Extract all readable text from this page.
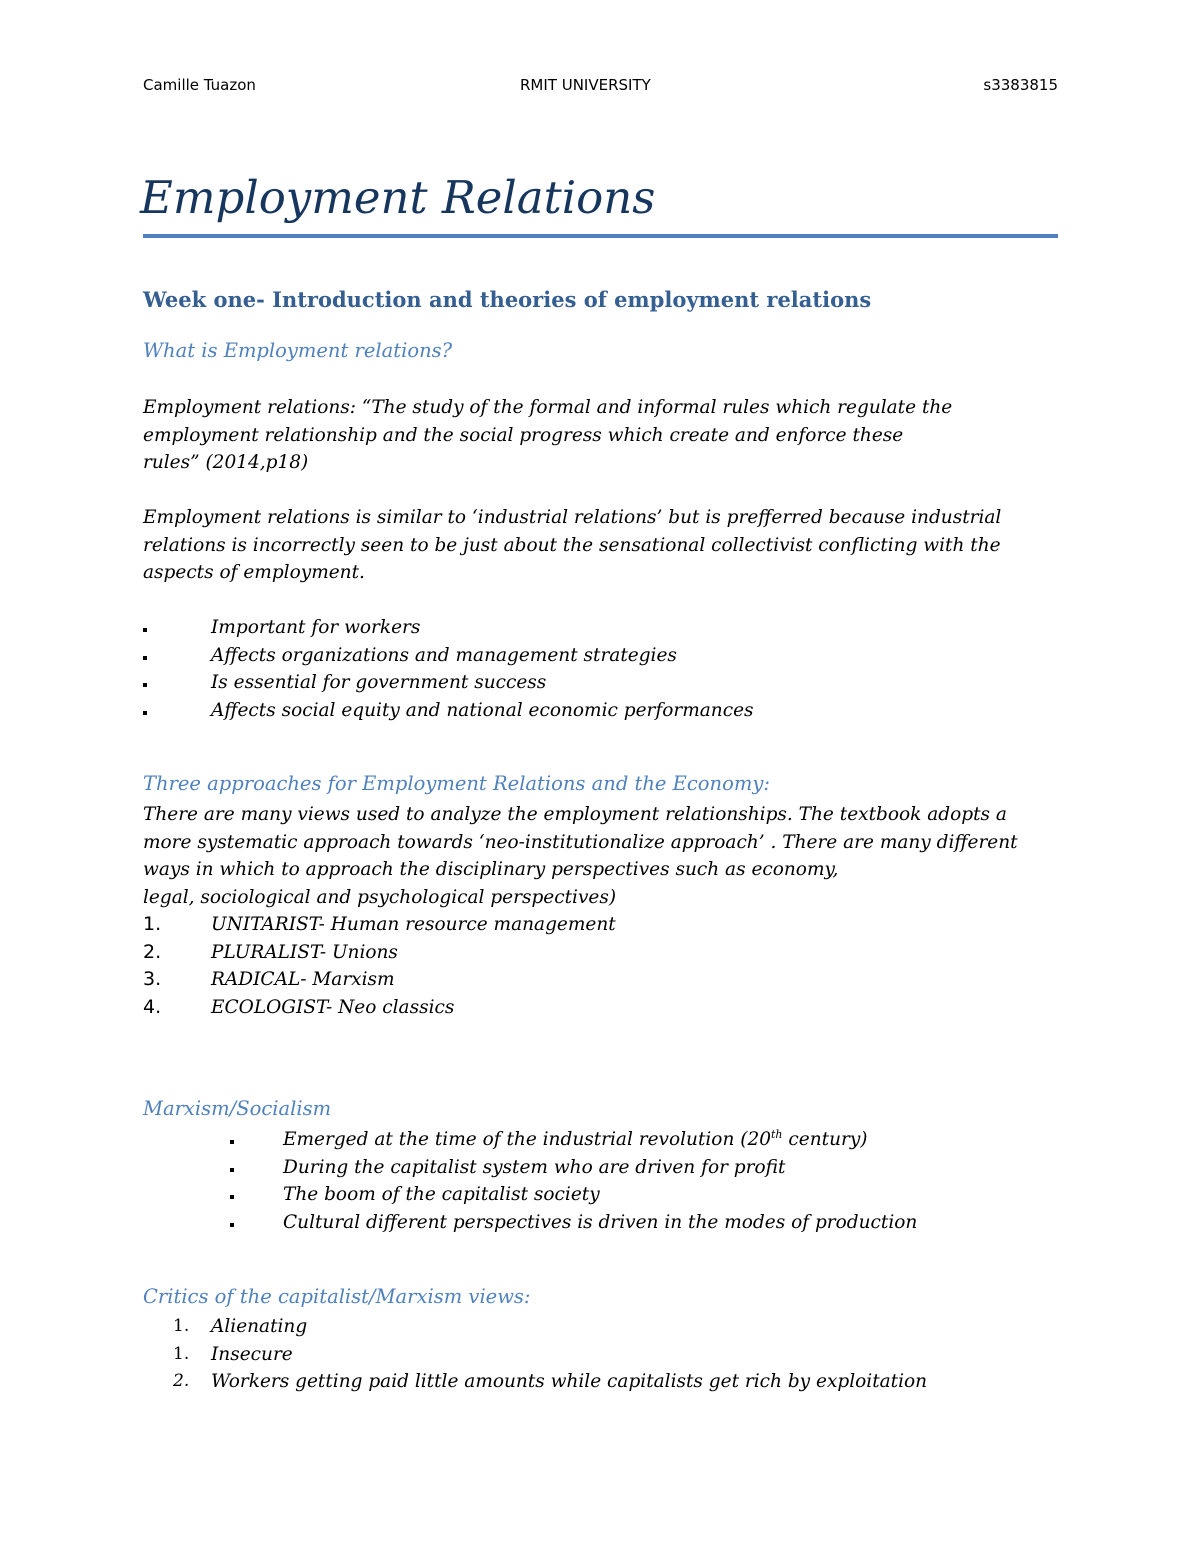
Camille Tuazon	RMIT UNIVERSITY	s3383815
Employment Relations
Week one- Introduction and theories of employment relations
What is Employment relations?
Employment relations: “The study of the formal and informal rules which regulate the
employment relationship and the social progress which create and enforce these
rules” (2014,p18)
Employment relations is similar to ‘industrial relations’ but is prefferred because industrial
relations is incorrectly seen to be just about the sensational collectivist conflicting with the
aspects of employment.
Important for workers
Affects organizations and management strategies
Is essential for government success
Affects social equity and national economic performances
Three approaches for Employment Relations and the Economy:
There are many views used to analyze the employment relationships. The textbook adopts a
more systematic approach towards ‘neo-institutionalize approach’ . There are many different
ways in which to approach the disciplinary perspectives such as economy,
legal, sociological and psychological perspectives)
1.	UNITARIST- Human resource management
2.	PLURALIST- Unions
3.	RADICAL- Marxism
4.	ECOLOGIST- Neo classics
Marxism/Socialism
Emerged at the time of the industrial revolution (20th century)
During the capitalist system who are driven for profit
The boom of the capitalist society
Cultural different perspectives is driven in the modes of production
Critics of the capitalist/Marxism views:
1. Alienating
1. Insecure
2. Workers getting paid little amounts while capitalists get rich by exploitation
